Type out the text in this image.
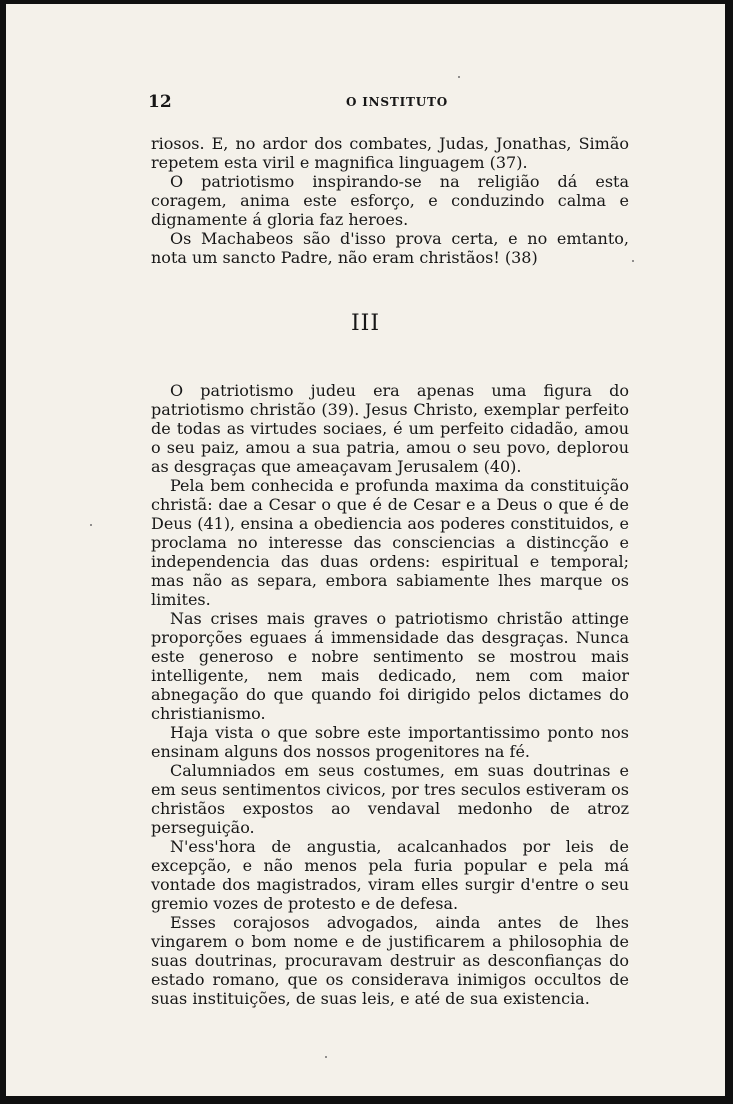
12	O INSTITUTO

riosos. E, no ardor dos combates, Judas, Jonathas, Simão repetem esta viril e magnifica linguagem (37).

O patriotismo inspirando-se na religião dá esta coragem, anima este esforço, e conduzindo calma e dignamente á gloria faz heroes.

Os Machabeos são d'isso prova certa, e no emtanto, nota um sancto Padre, não eram christãos! (38)

III

O patriotismo judeu era apenas uma figura do patriotismo christão (39). Jesus Christo, exemplar perfeito de todas as virtudes sociaes, é um perfeito cidadão, amou o seu paiz, amou a sua patria, amou o seu povo, deplorou as desgraças que ameaçavam Jerusalem (40).

Pela bem conhecida e profunda maxima da constituição christã: dae a Cesar o que é de Cesar e a Deus o que é de Deus (41), ensina a obediencia aos poderes constituidos, e proclama no interesse das consciencias a distincção e independencia das duas ordens: espiritual e temporal; mas não as separa, embora sabiamente lhes marque os limites.

Nas crises mais graves o patriotismo christão attinge proporções eguaes á immensidade das desgraças. Nunca este generoso e nobre sentimento se mostrou mais intelligente, nem mais dedicado, nem com maior abnegação do que quando foi dirigido pelos dictames do christianismo.

Haja vista o que sobre este importantissimo ponto nos ensinam alguns dos nossos progenitores na fé.

Calumniados em seus costumes, em suas doutrinas e em seus sentimentos civicos, por tres seculos estiveram os christãos expostos ao vendaval medonho de atroz perseguição.

N'ess'hora de angustia, acalcanhados por leis de excepção, e não menos pela furia popular e pela má vontade dos magistrados, viram elles surgir d'entre o seu gremio vozes de protesto e de defesa.

Esses corajosos advogados, ainda antes de lhes vingarem o bom nome e de justificarem a philosophia de suas doutrinas, procuravam destruir as desconfianças do estado romano, que os considerava inimigos occultos de suas instituições, de suas leis, e até de sua existencia.
